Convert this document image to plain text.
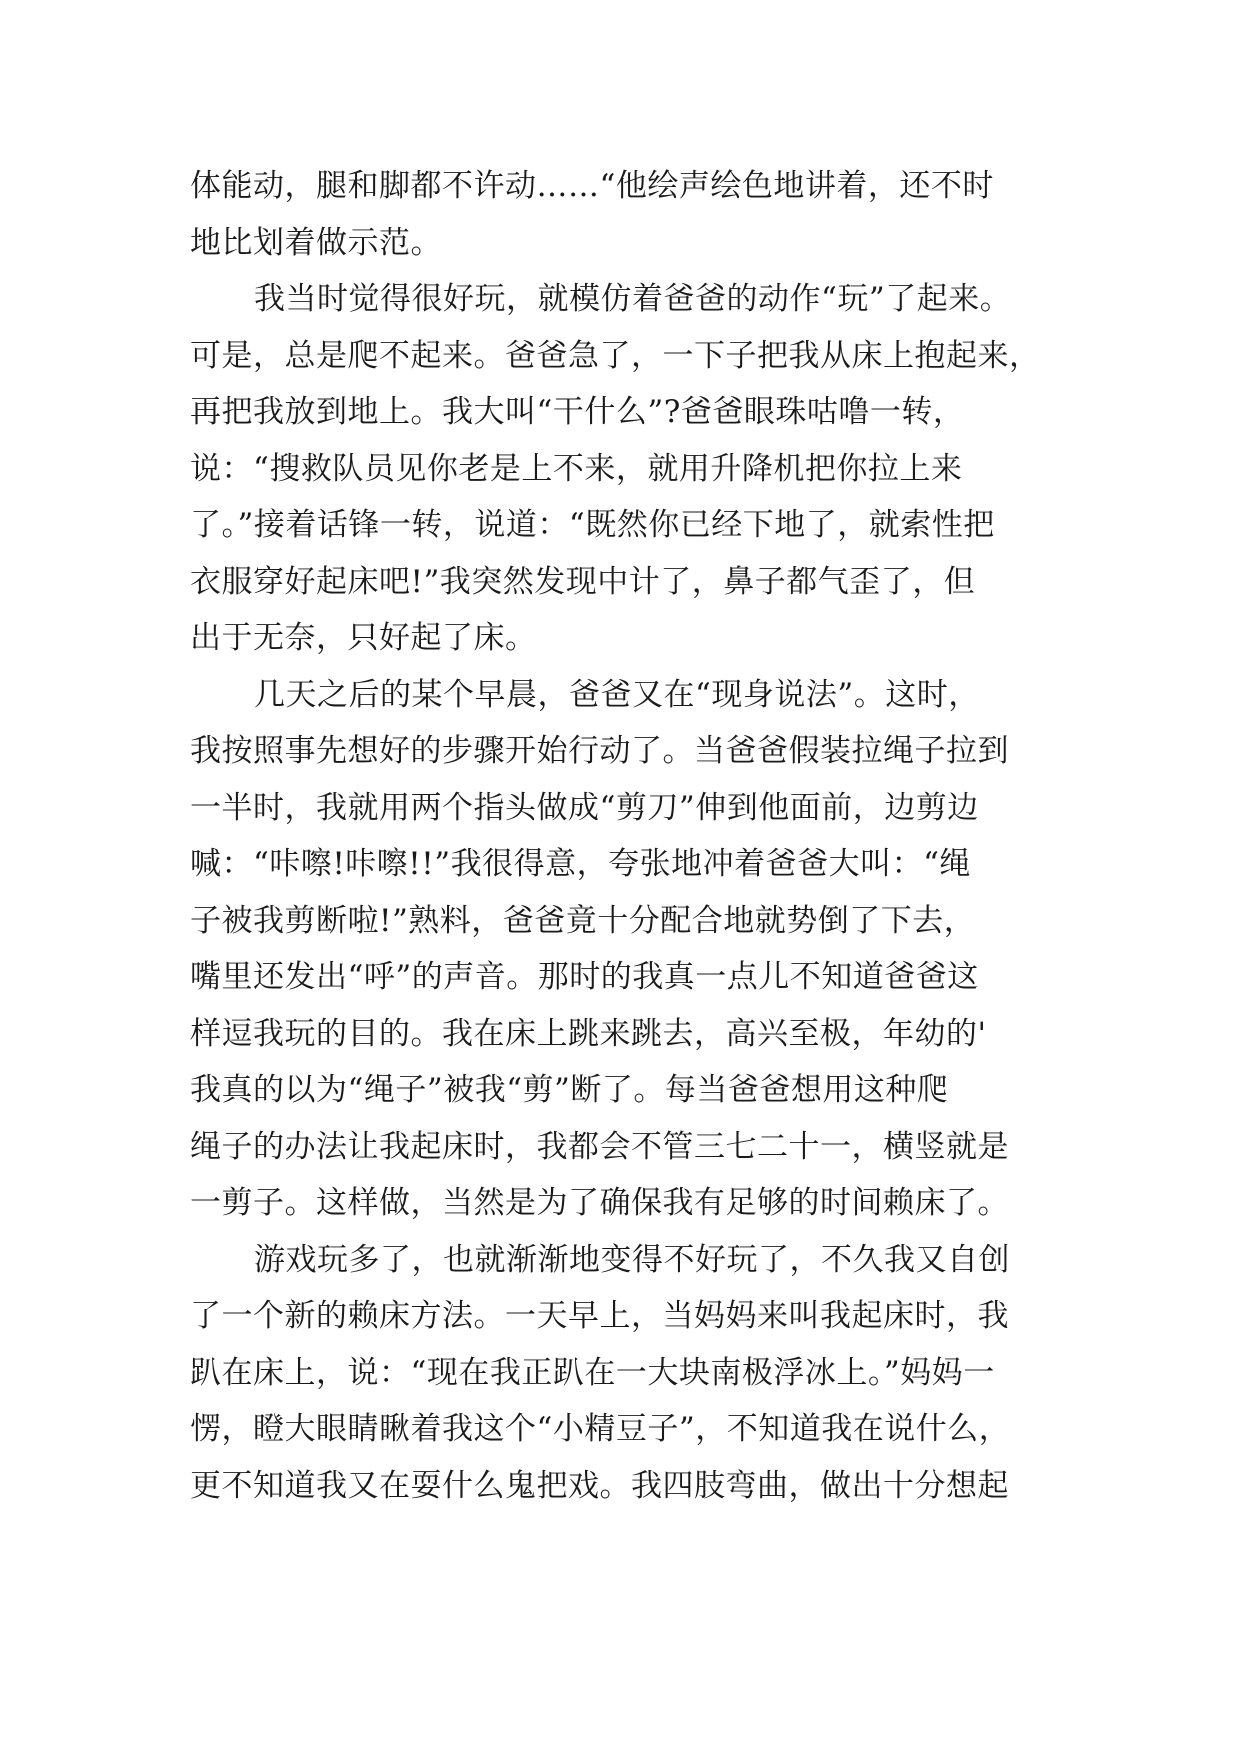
体能动，腿和脚都不许动……“他绘声绘色地讲着，还不时
地比划着做示范。
我当时觉得很好玩，就模仿着爸爸的动作“玩”了起来。
可是，总是爬不起来。爸爸急了，一下子把我从床上抱起来，
再把我放到地上。我大叫“干什么”?爸爸眼珠咕噜一转，
说：“搜救队员见你老是上不来，就用升降机把你拉上来
了。”接着话锋一转，说道：“既然你已经下地了，就索性把
衣服穿好起床吧!”我突然发现中计了，鼻子都气歪了，但
出于无奈，只好起了床。
几天之后的某个早晨，爸爸又在“现身说法”。这时，
我按照事先想好的步骤开始行动了。当爸爸假装拉绳子拉到
一半时，我就用两个指头做成“剪刀”伸到他面前，边剪边
喊：“咔嚓!咔嚓!!”我很得意，夸张地冲着爸爸大叫：“绳
子被我剪断啦!”熟料，爸爸竟十分配合地就势倒了下去，
嘴里还发出“呼”的声音。那时的我真一点儿不知道爸爸这
样逗我玩的目的。我在床上跳来跳去，高兴至极，年幼的'
我真的以为“绳子”被我“剪”断了。每当爸爸想用这种爬
绳子的办法让我起床时，我都会不管三七二十一，横竖就是
一剪子。这样做，当然是为了确保我有足够的时间赖床了。
游戏玩多了，也就渐渐地变得不好玩了，不久我又自创
了一个新的赖床方法。一天早上，当妈妈来叫我起床时，我
趴在床上，说：“现在我正趴在一大块南极浮冰上。”妈妈一
愣，瞪大眼睛瞅着我这个“小精豆子”，不知道我在说什么，
更不知道我又在耍什么鬼把戏。我四肢弯曲，做出十分想起
